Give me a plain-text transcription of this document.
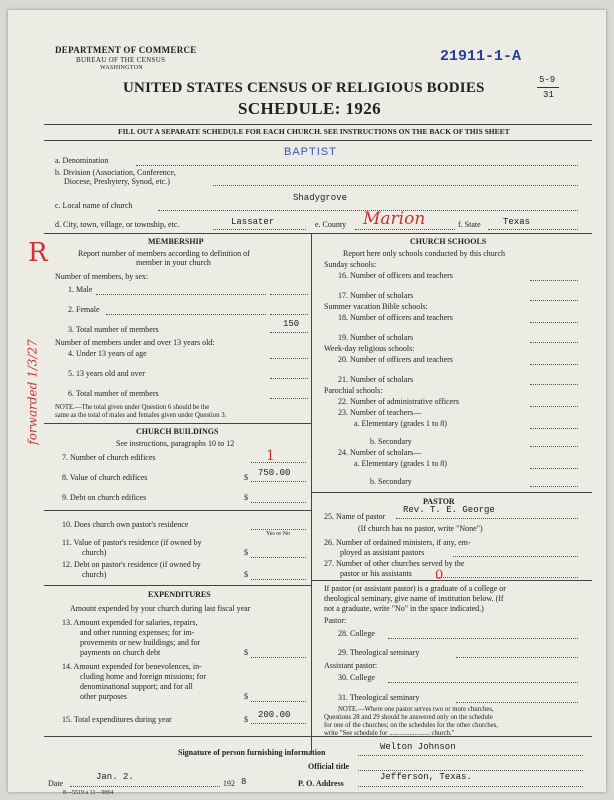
DEPARTMENT OF COMMERCE
BUREAU OF THE CENSUS
WASHINGTON
21911-1-A
5-9
31
UNITED STATES CENSUS OF RELIGIOUS BODIES
SCHEDULE: 1926
FILL OUT A SEPARATE SCHEDULE FOR EACH CHURCH. SEE INSTRUCTIONS ON THE BACK OF THIS SHEET
BAPTIST
a. Denomination
b. Division (Association, Conference,
Diocese, Presbytery, Synod, etc.)
Shadygrove
c. Local name of church
d. City, town, village, or township, etc.	Lassater	e. County Marion	f. State Texas
R
forwarded 1/3/27
MEMBERSHIP
Report number of members according to definition of
member in your church
Number of members, by sex:
1. Male
2. Female
3. Total number of members
150
Number of members under and over 13 years old:
4. Under 13 years of age
5. 13 years old and over
6. Total number of members
NOTE.—The total given under Question 6 should be the
same as the total of males and females given under Question 3.
CHURCH BUILDINGS
See instructions, paragraphs 10 to 12
7. Number of church edifices	1
8. Value of church edifices	$ 750.00
9. Debt on church edifices	$
10. Does church own pastor's residence
Yes or No
11. Value of pastor's residence (if owned by
church)	$
12. Debt on pastor's residence (if owned by
church)	$
EXPENDITURES
Amount expended by your church during last fiscal year
13. Amount expended for salaries, repairs,
and other running expenses; for im-
provements or new buildings; and for
payments on church debt	$
14. Amount expended for benevolences, in-
cluding home and foreign missions; for
denominational support; and for all
other purposes	$
15. Total expenditures during year	$ 200.00
CHURCH SCHOOLS
Report here only schools conducted by this church
Sunday schools:
16. Number of officers and teachers
17. Number of scholars
Summer vacation Bible schools:
18. Number of officers and teachers
19. Number of scholars
Week-day religious schools:
20. Number of officers and teachers
21. Number of scholars
Parochial schools:
22. Number of administrative officers
23. Number of teachers—
a. Elementary (grades 1 to 8)
b. Secondary
24. Number of scholars—
a. Elementary (grades 1 to 8)
b. Secondary
PASTOR
25. Name of pastor
Rev. T. E. George
(If church has no pastor, write "None")
26. Number of ordained ministers, if any, em-
ployed as assistant pastors
27. Number of other churches served by the
pastor or his assistants 0
If pastor (or assistant pastor) is a graduate of a college or
theological seminary, give name of institution below. (If
not a graduate, write "No" in the space indicated.)
Pastor:
28. College
29. Theological seminary
Assistant pastor:
30. College
31. Theological seminary
NOTE.—Where one pastor serves two or more churches,
Questions 28 and 29 should be answered only on the schedule
for one of the churches; on the schedules for the other churches,
write "See schedule for ........................ church."
Signature of person furnishing information
Welton Johnson
Official title
Date
Jan. 2.
192 8	P. O. Address
Jefferson, Texas.
8—5519 a 11—9064
